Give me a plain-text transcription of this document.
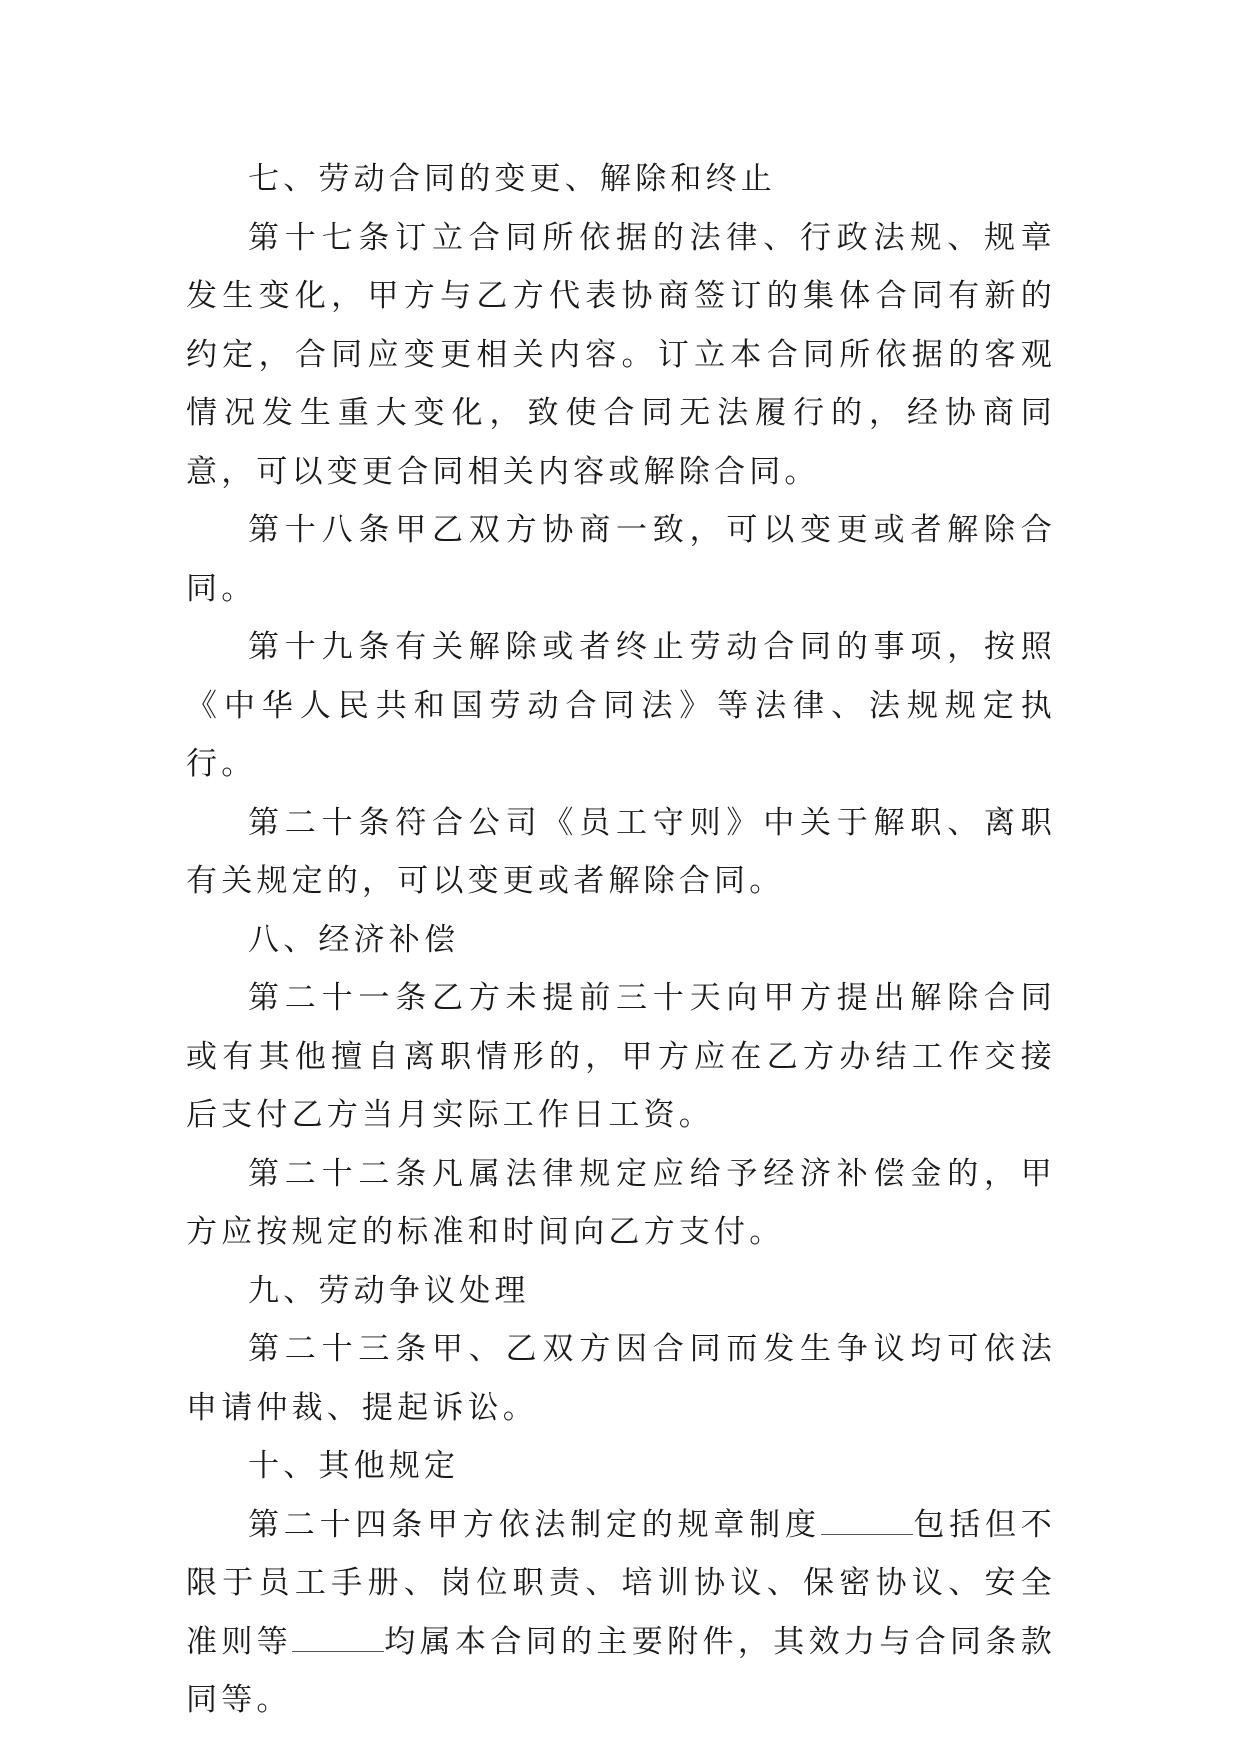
七、劳动合同的变更、解除和终止

第十七条订立合同所依据的法律、行政法规、规章发生变化，甲方与乙方代表协商签订的集体合同有新的约定，合同应变更相关内容。订立本合同所依据的客观情况发生重大变化，致使合同无法履行的，经协商同意，可以变更合同相关内容或解除合同。

第十八条甲乙双方协商一致，可以变更或者解除合同。

第十九条有关解除或者终止劳动合同的事项，按照《中华人民共和国劳动合同法》等法律、法规规定执行。

第二十条符合公司《员工守则》中关于解职、离职有关规定的，可以变更或者解除合同。

八、经济补偿

第二十一条乙方未提前三十天向甲方提出解除合同或有其他擅自离职情形的，甲方应在乙方办结工作交接后支付乙方当月实际工作日工资。

第二十二条凡属法律规定应给予经济补偿金的，甲方应按规定的标准和时间向乙方支付。

九、劳动争议处理

第二十三条甲、乙双方因合同而发生争议均可依法申请仲裁、提起诉讼。

十、其他规定

第二十四条甲方依法制定的规章制度	包括但不限于员工手册、岗位职责、培训协议、保密协议、安全准则等	均属本合同的主要附件，其效力与合同条款同等。
